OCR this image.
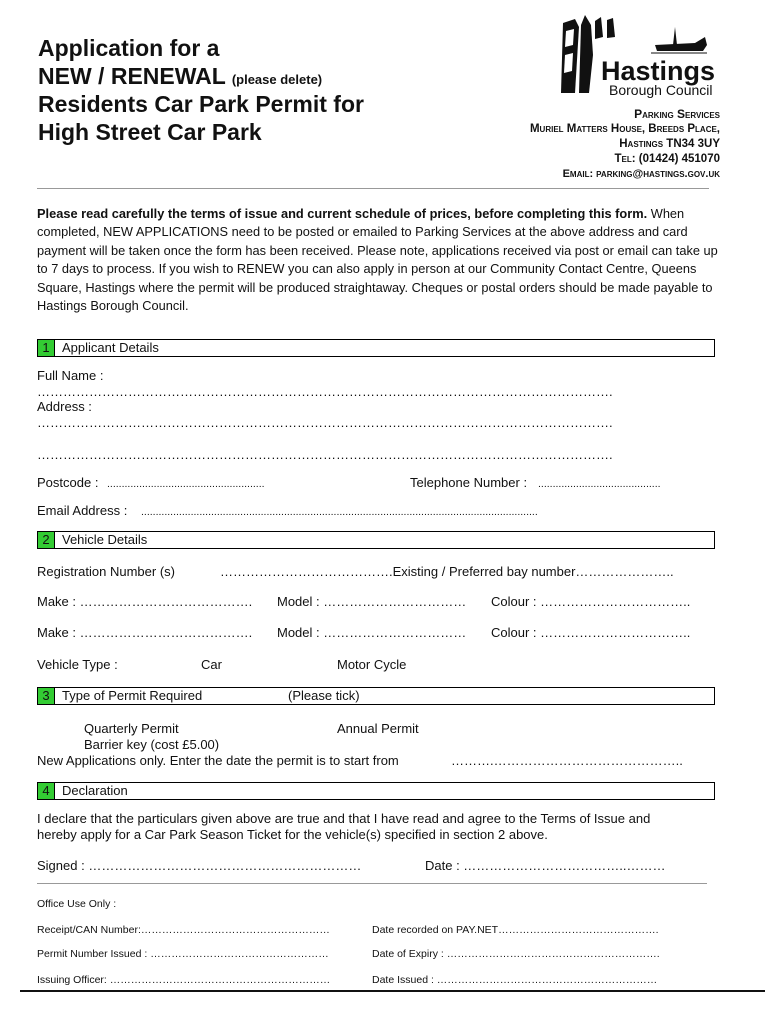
Application for a
NEW / RENEWAL (please delete)
Residents Car Park Permit for
High Street Car Park
Hastings
Borough Council
Parking Services
Muriel Matters House, Breeds Place,
Hastings TN34 3UY
Tel: (01424) 451070
Email: parking@hastings.gov.uk
Please read carefully the terms of issue and current schedule of prices, before completing this form. When completed, NEW APPLICATIONS need to be posted or emailed to Parking Services at the above address and card payment will be taken once the form has been received. Please note, applications received via post or email can take up to 7 days to process. If you wish to RENEW you can also apply in person at our Community Contact Centre, Queens Square, Hastings where the permit will be produced straightaway. Cheques or postal orders should be made payable to Hastings Borough Council.
1 Applicant Details
Full Name :
…………………………………………………………………………………………………………………….
Address :
…………………………………………………………………………………………………………………….
…………………………………………………………………………………………………………………….
Postcode : ......................................................	Telephone Number : ..........................................
Email Address : ........................................................................................................................................
2 Vehicle Details
Registration Number (s)	………………………………….Existing / Preferred bay number…………………..
Make : …………………………………. Model : …………………………… Colour : ……………………………..
Make : …………………………………. Model : …………………………… Colour : ……………………………..
Vehicle Type :	Car	Motor Cycle
3 Type of Permit Required	(Please tick)
Quarterly Permit	Annual Permit
Barrier key (cost £5.00)
New Applications only. Enter the date the permit is to start from	……….……………………………………..
4 Declaration
I declare that the particulars given above are true and that I have read and agree to the Terms of Issue and
hereby apply for a Car Park Season Ticket for the vehicle(s) specified in section 2 above.
Signed : ………………………………………………………	Date : ………………………………..………
Office Use Only :
Receipt/CAN Number:………………………………………………	Date recorded on PAY.NET……………………………………….
Permit Number Issued : ……………………………………………	Date of Expiry : …………………………………………………….
Issuing Officer: ………………………………………………………	Date Issued : ………………………………………………………
